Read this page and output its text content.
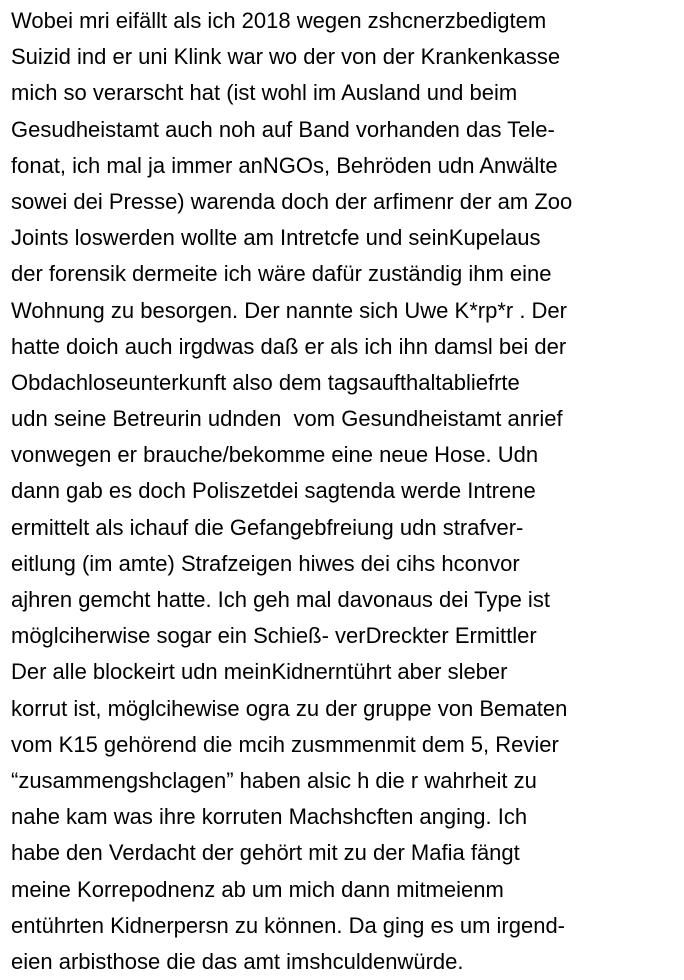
Wobei mri eifällt als ich 2018 wegen zshcnerzbedigtem
Suizid ind er uni Klink war wo der von der Krankenkasse
mich so verarscht hat (ist wohl im Ausland und beim
Gesudheistamt auch noh auf Band vorhanden das Tele-
fonat, ich mal ja immer anNGOs, Behröden udn Anwälte
sowei dei Presse) warenda doch der arfimenr der am Zoo
Joints loswerden wollte am Intretcfe und seinKupelaus
der forensik dermeite ich wäre dafür zuständig ihm eine
Wohnung zu besorgen. Der nannte sich Uwe K*rp*r . Der
hatte doich auch irgdwas daß er als ich ihn damsl bei der
Obdachloseunterkunft also dem tagsaufthaltabliefrte
udn seine Betreurin udnden  vom Gesundheistamt anrief
vonwegen er brauche/bekomme eine neue Hose. Udn
dann gab es doch Poliszetdei sagtenda werde Intrene
ermittelt als ichauf die Gefangebfreiung udn strafver-
eitlung (im amte) Strafzeigen hiwes dei cihs hconvor
ajhren gemcht hatte. Ich geh mal davonaus dei Type ist
möglciherwise sogar ein Schieß- verDreckter Ermittler
Der alle blockeirt udn meinKidnerntührt aber sleber
korrut ist, möglcihewise ogra zu der gruppe von Bematen
vom K15 gehörend die mcih zusmmenmit dem 5, Revier
“zusammengshclagen” haben alsic h die r wahrheit zu
nahe kam was ihre korruten Machshcften anging. Ich
habe den Verdacht der gehört mit zu der Mafia fängt
meine Korrepodnenz ab um mich dann mitmeienm
entührten Kidnerpersn zu können. Da ging es um irgend-
eien arbisthose die das amt imshculdenwürde.
